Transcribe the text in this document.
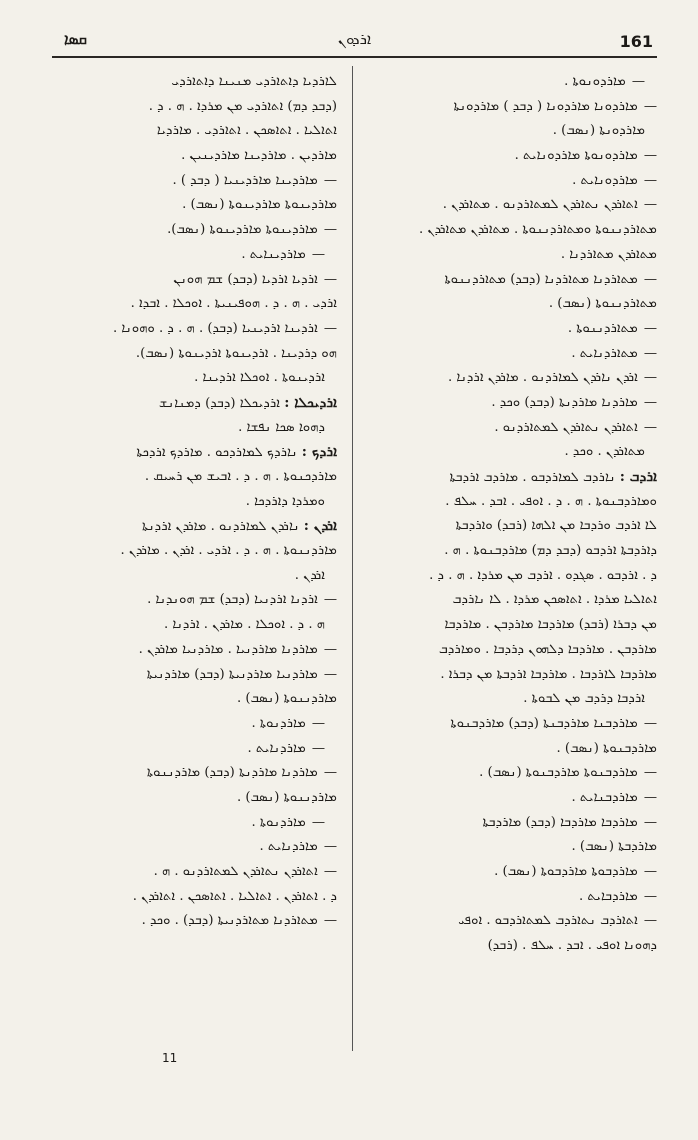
ܩܣܐ	ܐܪܕܘܢ	161
—ܡܐܪܕܘܢܘܬܐ .
—ܡܐܪܕܘܢܐ ܡܐܪܕܘܢܐ ( ܕܒܕ ) ܡܐܪܕܘܢܬܐ
ܡܐܪܕܘܢܬܐ (ܢܣܒ) .
—ܡܐܪܕܘܢܘܬܐ ܡܐܪܕܘܢܐܝܬ .
—ܡܐܪܕܘܢܐܝܬ .
—ܐܬܐܪܕܢ ܢܬܐܪܕܢ ܠܡܬܐܪܕܢܘ . ܡܬܐܪܕܢ .
ܡܬܐܪܕܢܢܘܬܐ ܘܡܬܐܪܕܢܢܘܬܐ . ܡܬܐܪܕܢ ܡܬܐܪܕܢ .
ܡܬܐܪܕܢ ܡܬܐܪܕܢܐ .
—ܡܬܐܪܕܢܐ ܡܬܐܪܕܢܐ (ܕܒܕ) ܡܬܐܪܕܢܢܘܬܐ
ܡܬܐܪܕܢܢܘܬܐ (ܢܣܒ) .
—ܡܬܐܪܕܢܢܘܬܐ .
—ܡܬܐܪܕܢܐܝܬ .
—ܐܪܕܢ ܢܐܪܕܢ ܠܡܐܪܕܢܘ . ܡܐܪܕܢ ܐܪܕܢܐ .
—ܡܐܪܕܢܐ ܡܐܪܕܢܬܐ (ܕܒܕ) ܘܟܕ .
—ܐܬܐܪܕܢ ܢܬܐܪܕܢ ܠܡܬܐܪܕܢܘ .
ܡܬܐܪܕܢ . ܘܟܕ .
ܐܪܕܒ : ܢܐܪܕܒ ܠܡܐܪܕܒܘ . ܡܐܪܕܒ ܐܪܕܒܬܐ
ܘܡܐܪܕܒܢܘܬܐ . ܗ . ܕ . ܐܘܦܝ . ܐܒܕ . ܚܠܦ .
ܠܐ ܐܪܕܒ ܘܪܕܒܐ ܡܢ ܐܠܗܐ (ܪܒܕ) ܘܐܪܕܒܬܐ
ܕܐܪܕܒܬܐ ܐܪܕܒܘ (ܕܒܕ ܕܡ) ܡܐܪܕܒܢܘܬܐ . ܗ .
ܕ . ܐܪܕܒܘ . ܣܓܕܘ . ܐܪܕܒ ܡܢ ܡܪܕܐ . ܗ . ܕ .
ܐܬܐܠܝܐ ܡܪܕܐ . ܐܬܐܣܟܢ ܡܪܕܐ . ܠܐ ܢܐܪܕܒ
ܡܢ ܕܒܪܐ (ܪܒܕ) ܡܐܪܕܒܐ ܡܐܪܕܒܢ . ܡܐܪܕܒܐ
ܡܐܪܕܒܢ . ܡܐܪܕܒܐ ܕܠܗܘܢ ܕܪܕܒܐ . ܘܡܐܪܕܒ
ܡܐܪܕܒܐ ܠܐܪܕܒܐ . ܡܐܪܕܒܐ ܐܪܕܒܬܐ ܡܢ ܕܒܪܐ .
ܐܪܕܒܐ ܕܪܕܒ ܡܢ ܠܒܘܬܐ .
—ܡܐܪܕܒܢܐ ܡܐܪܕܒܢܬܐ (ܕܒܕ) ܡܐܪܕܒܢܘܬܐ
ܡܐܪܕܒܢܘܬܐ (ܢܣܒ) .
—ܡܐܪܕܒܢܘܬܐ ܡܐܪܕܒܢܘܬܐ (ܢܣܒ) .
—ܡܐܪܕܒܢܐܝܬ .
—ܡܐܪܕܒܐ ܡܐܪܕܒܐ (ܕܒܕ) ܡܐܪܕܒܬܐ
ܡܐܪܕܒܬܐ (ܢܣܒ) .
—ܡܐܪܕܒܘܬܐ ܡܐܪܕܒܘܬܐ (ܢܣܒ) .
—ܡܐܪܕܒܐܝܬ .
—ܐܬܐܪܕܒ ܢܬܐܪܕܒ ܠܡܬܐܪܕܒܘ . ܐܘܦܝ
ܕܗܘܢܐ ܐܘܦܝ . ܐܒܕ . ܚܠܦ . (ܪܒܕ)
ܠܐܪܕܝܐ ܕܐܬܐܪܕܝ ܡܢܝܢܐ ܕܐܬܐܪܕܝ
(ܕܒܕ ܕܡ) ܐܬܐܪܕܝ ܡܢ ܡܪܕܐ . ܗ . ܕ .
ܐܬܐܠܝܐ . ܐܬܐܣܟܢ . ܐܬܐܪܕܝ . ܡܐܪܕܝܐ
ܡܐܪܕܝܢ . ܡܐܪܕܝܢܐ ܡܐܪܕܝܢܝܢ .
—ܡܐܪܕܝܢܐ ܡܐܪܕܝܢܝܐ ( ܕܒܕ ) .
ܡܐܪܕܝܢܘܬܐ ܡܐܪܕܝܢܘܬܐ (ܢܣܒ) .
—ܡܐܪܕܝܢܘܬܐ ܡܐܪܕܝܢܘܬܐ (ܢܣܒ).
—ܡܐܪܕܝܢܐܝܬ .
—ܐܪܕܝܐ ܐܪܕܝܐ (ܕܒܕ) ܫܡ ܗܘܢܢ
ܐܪܕܝ . ܗ . ܕ . ܗܘܦܝܢܝܬܐ . ܐܘܟܠܐ . ܐܒܕܐ .
—ܐܪܕܝܢܐ ܐܪܕܝܢܝܐ (ܕܒܕ) . ܗ . ܕ . ܘܗܘܢܐ .
ܗܘ ܕܪܕܝܢܐ . ܐܪܕܝܢܘܬܐ ܐܪܕܝܢܘܬܐ (ܢܣܒ).
ܐܪܕܝܢܘܬܐ . ܐܘܟܠܐ ܐܪܕܝܢܐ .
ܐܪܕܝܟܠܐ : ܐܪܕܝܟܠܐ (ܕܒܕ) ܕܡܢܐܢܫ
ܕܗܘܐ ܣܟܐ ܢܦܫܐ .
ܐܪܕܟ : ܢܐܪܕܟ ܠܡܐܪܕܟܘ . ܡܐܪܕܟ ܐܪܕܟܬܐ
ܡܐܪܕܟܢܘܬܐ . ܗ . ܕ . ܐܒܝܫ ܡܢ ܪܚܝܩ .
ܘܡܪܕܐ ܕܐܪܕܟܐ .
ܐܪܕܢ : ܢܐܪܕܢ ܠܡܐܪܕܢܘ . ܡܐܪܕܢ ܐܪܕܢܬܐ
ܡܐܪܕܢܢܘܬܐ . ܗ . ܕ . ܐܪܕܝ . ܐܪܕܢ . ܡܐܪܕܢ .
ܐܪܕܢ .
—ܐܪܕܢܐ ܐܪܕܢܝܐ (ܕܒܕ) ܫܡ ܗܘܢܕܢܐ .
ܗ . ܕ . ܐܘܟܠܐ . ܡܐܪܕܢ . ܐܪܕܢܐ .
—ܡܐܪܕܢܐ ܡܐܪܕܢܝܐ . ܡܐܪܕܢܝܐ ܡܐܪܕܢ .
—ܡܐܪܕܢܝܐ ܡܐܪܕܢܝܬܐ (ܕܒܕ) ܡܐܪܕܢܝܬܐ
ܡܐܪܕܢܢܘܬܐ (ܢܣܒ) .
—ܡܐܪܕܢܘܬܐ .
—ܡܐܪܕܢܐܝܬ .
—ܡܐܪܕܢܐ ܡܐܪܕܢܬܐ (ܕܒܕ) ܡܐܪܕܢܢܘܬܐ
ܡܐܪܕܢܢܘܬܐ (ܢܣܒ) .
—ܡܐܪܕܢܘܬܐ .
—ܡܐܪܕܢܐܝܬ .
—ܐܬܐܪܕܢ ܢܬܐܪܕܢ ܠܡܬܐܪܕܢܘ . ܗ .
ܕ . ܐܬܐܪܕܢ . ܐܬܐܠܝܐ . ܐܬܐܣܟܢ . ܐܬܐܪܕܢ .
—ܡܬܐܪܕܢܐ ܡܬܐܪܕܢܝܬܐ (ܕܒܕ) . ܘܟܕ .
11
